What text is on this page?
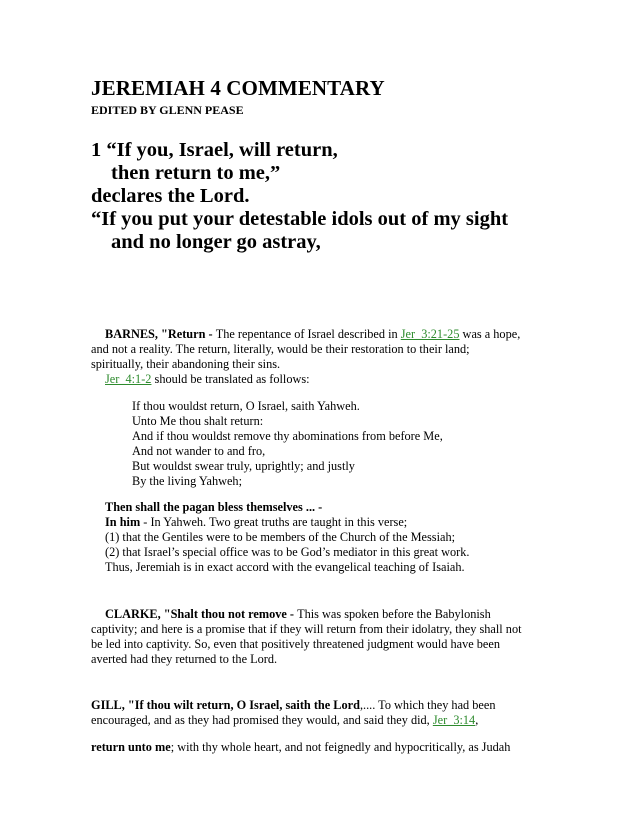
JEREMIAH 4 COMMENTARY
EDITED BY GLENN PEASE
1 “If you, Israel, will return,
then return to me,”
declares the Lord.
“If you put your detestable idols out of my sight
and no longer go astray,
BARNES, "Return - The repentance of Israel described in Jer_3:21-25 was a hope,
and not a reality. The return, literally, would be their restoration to their land;
spiritually, their abandoning their sins.
Jer_4:1-2 should be translated as follows:
If thou wouldst return, O Israel, saith Yahweh.
Unto Me thou shalt return:
And if thou wouldst remove thy abominations from before Me,
And not wander to and fro,
But wouldst swear truly, uprightly; and justly
By the living Yahweh;
Then shall the pagan bless themselves ... -
In him - In Yahweh. Two great truths are taught in this verse;
(1) that the Gentiles were to be members of the Church of the Messiah;
(2) that Israel’s special office was to be God’s mediator in this great work.
Thus, Jeremiah is in exact accord with the evangelical teaching of Isaiah.
CLARKE, "Shalt thou not remove - This was spoken before the Babylonish
captivity; and here is a promise that if they will return from their idolatry, they shall not
be led into captivity. So, even that positively threatened judgment would have been
averted had they returned to the Lord.
GILL, "If thou wilt return, O Israel, saith the Lord,.... To which they had been
encouraged, and as they had promised they would, and said they did, Jer_3:14,
return unto me; with thy whole heart, and not feignedly and hypocritically, as Judah
